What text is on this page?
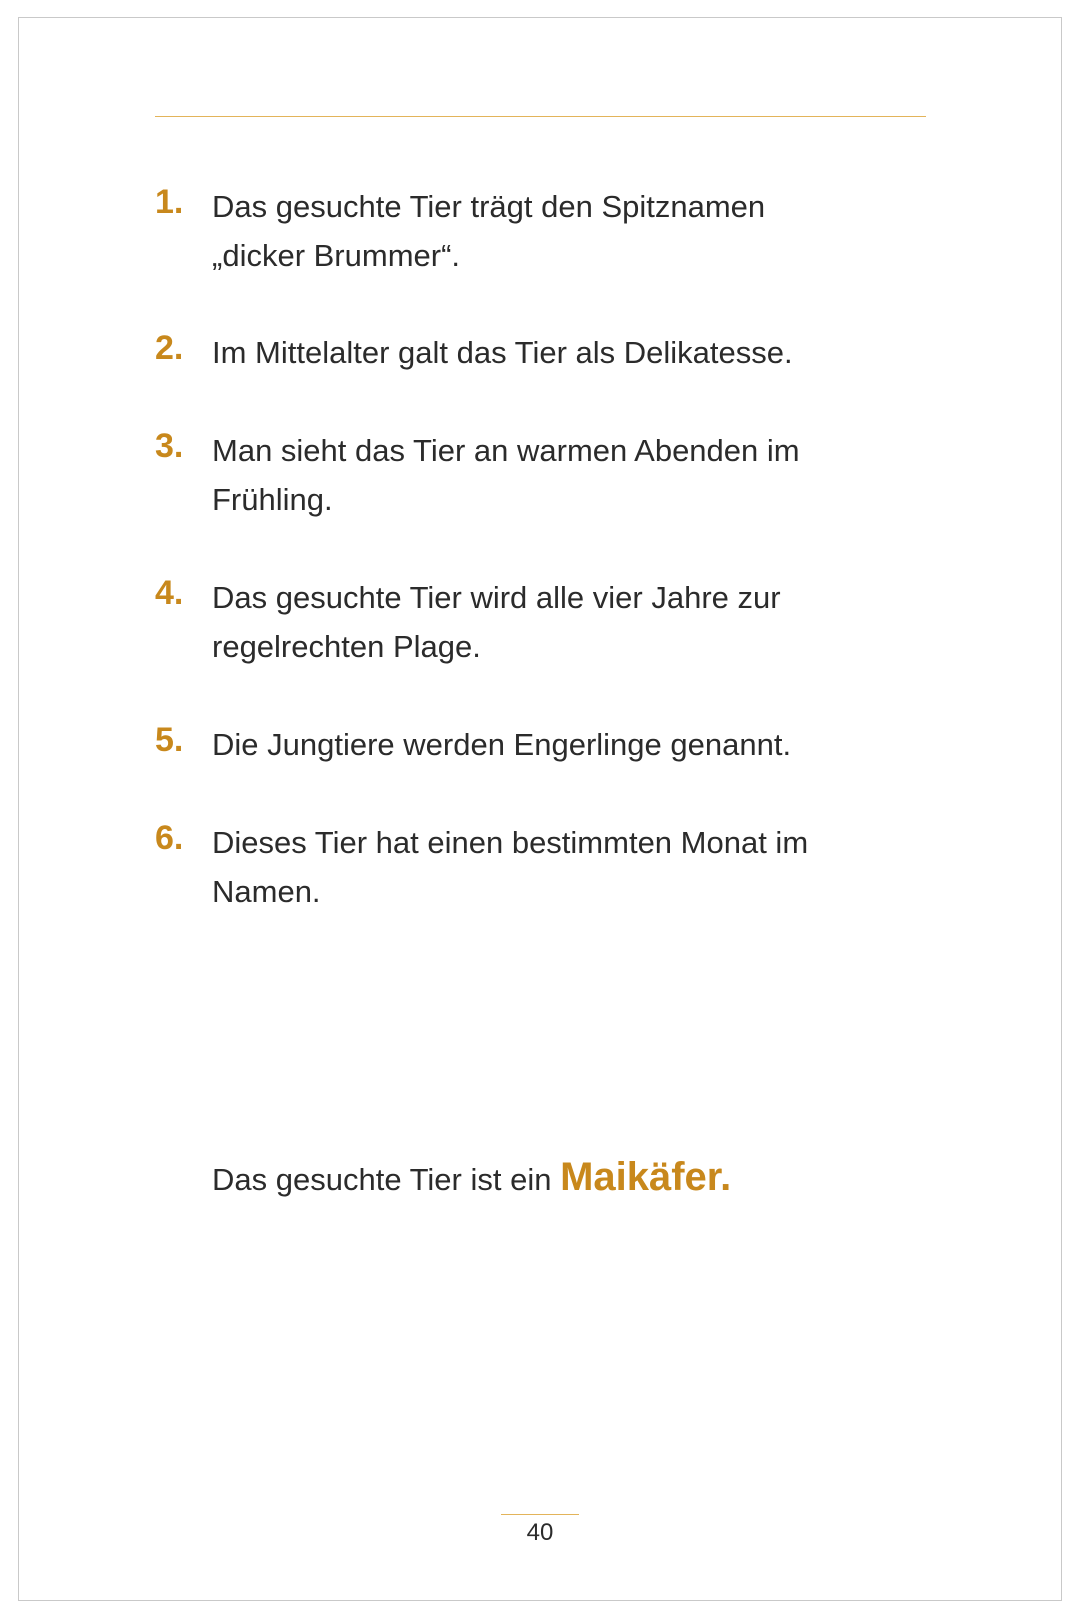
1. Das gesuchte Tier trägt den Spitznamen „dicker Brummer“.
2. Im Mittelalter galt das Tier als Delikatesse.
3. Man sieht das Tier an warmen Abenden im Frühling.
4. Das gesuchte Tier wird alle vier Jahre zur regelrechten Plage.
5. Die Jungtiere werden Engerlinge genannt.
6. Dieses Tier hat einen bestimmten Monat im Namen.
Das gesuchte Tier ist ein Maikäfer.
40
